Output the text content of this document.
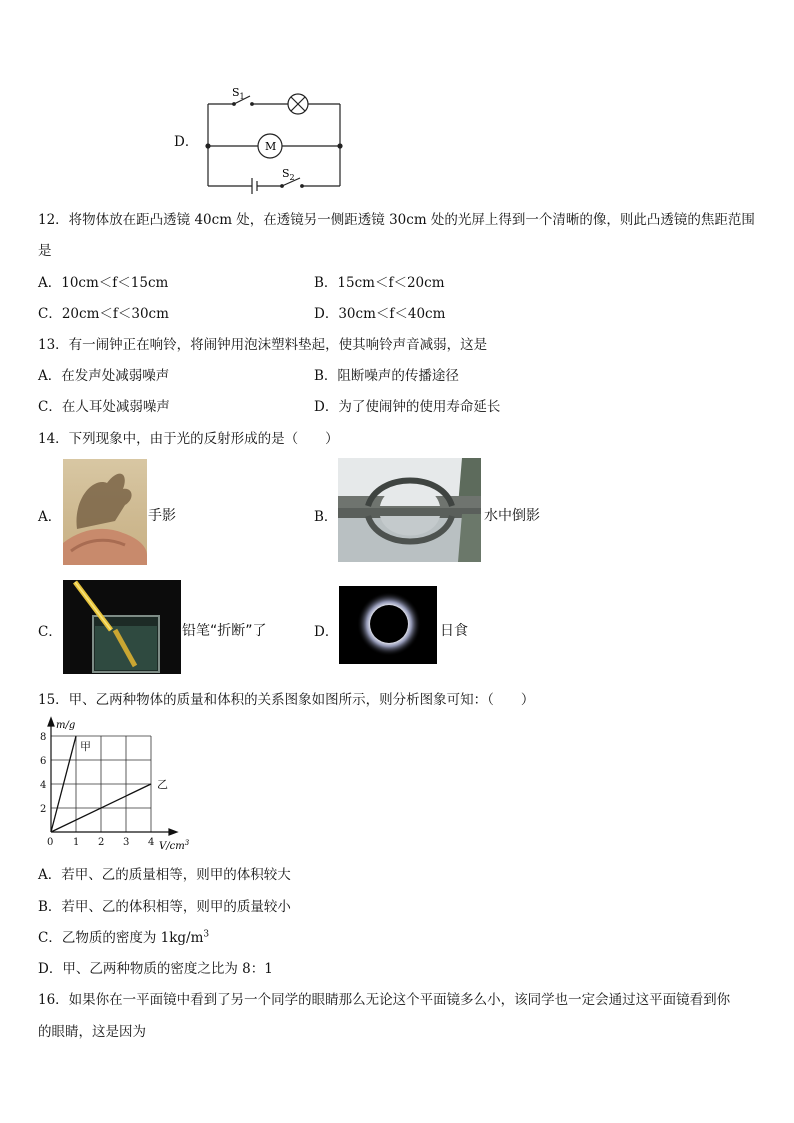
D．
$S_1$
M
$S_2$
12．将物体放在距凸透镜 40cm 处，在透镜另一侧距透镜 30cm 处的光屏上得到一个清晰的像，则此凸透镜的焦距范围
是
A．10cm＜f＜15cm	B．15cm＜f＜20cm
C．20cm＜f＜30cm	D．30cm＜f＜40cm
13．有一闹钟正在响铃，将闹钟用泡沫塑料垫起，使其响铃声音减弱，这是
A．在发声处减弱噪声	B．阻断噪声的传播途径
C．在人耳处减弱噪声	D．为了使闹钟的使用寿命延长
14．下列现象中，由于光的反射形成的是（　　）
A．	手影	B．	水中倒影
C．	铅笔“折断”了	D．	日食
15．甲、乙两种物体的质量和体积的关系图象如图所示，则分析图象可知：（　　）
0 1 2 3 4
2
4
6
8
m/g
$V/cm^3$
甲
乙
A．若甲、乙的质量相等，则甲的体积较大
B．若甲、乙的体积相等，则甲的质量较小
C．乙物质的密度为 $1kg/m^3$
D．甲、乙两种物质的密度之比为 8：1
16．如果你在一平面镜中看到了另一个同学的眼睛那么无论这个平面镜多么小，该同学也一定会通过这平面镜看到你
的眼睛，这是因为
